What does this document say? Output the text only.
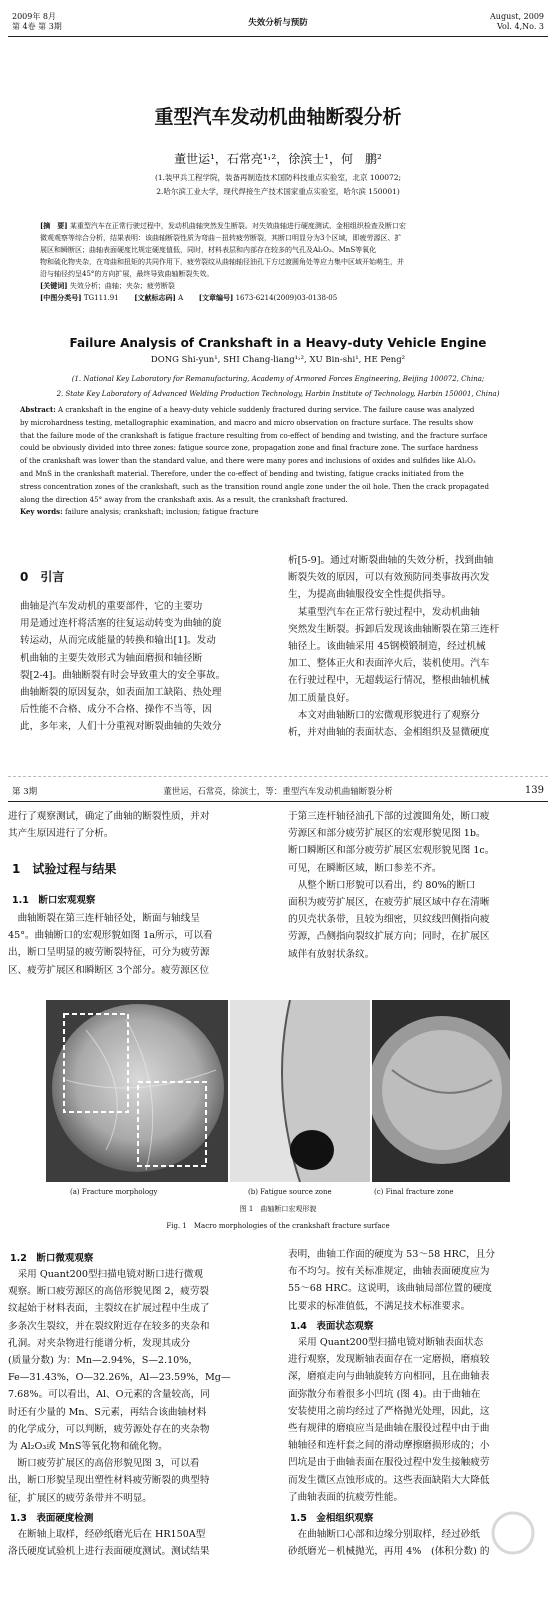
2009年 8月
第 4卷 第 3期	失效分析与预防
August, 2009
Vol. 4,No. 3
重型汽车发动机曲轴断裂分析
董世运¹，石常亮¹˒²，徐滨士¹，何　鹏²
(1.装甲兵工程学院，装备再制造技术国防科技重点实验室，北京 100072;
2.哈尔滨工业大学，现代焊接生产技术国家重点实验室，哈尔滨 150001)
[摘　要] 某重型汽车在正常行驶过程中，发动机曲轴突然发生断裂。对失效曲轴进行硬度测试、金相组织检查及断口宏
微观观察等综合分析，结果表明：该曲轴断裂性质为弯曲－扭转疲劳断裂，其断口明显分为3个区域，即疲劳源区、扩
展区和瞬断区；曲轴表面硬度比规定硬度值低，同时，材料表层和内部存在较多的气孔及Al₂O₃、MnS等氧化
物和硫化物夹杂，在弯曲和扭矩的共同作用下，疲劳裂纹从曲轴轴径油孔下方过渡圆角处等应力集中区域开始萌生，并
沿与轴径约呈45°的方向扩展，最终导致曲轴断裂失效。
[关键词] 失效分析；曲轴；夹杂；疲劳断裂
[中图分类号] TG111.91 [文献标志码] A [文章编号] 1673-6214(2009)03-0138-05
Failure Analysis of Crankshaft in a Heavy-duty Vehicle Engine
DONG Shi-yun¹, SHI Chang-liang¹˒², XU Bin-shi¹, HE Peng²
(1. National Key Laboratory for Remanufacturing, Academy of Armored Forces Engineering, Beijing 100072, China;
2. State Key Laboratory of Advanced Welding Production Technology, Harbin Institute of Technology, Harbin 150001, China)
Abstract: A crankshaft in the engine of a heavy-duty vehicle suddenly fractured during service. The failure cause was analyzed
by microhardness testing, metallographic examination, and macro and micro observation on fracture surface. The results show
that the failure mode of the crankshaft is fatigue fracture resulting from co-effect of bending and twisting, and the fracture surface
could be obviously divided into three zones: fatigue source zone, propagation zone and final fracture zone. The surface hardness
of the crankshaft was lower than the standard value, and there were many pores and inclusions of oxides and sulfides like Al₂O₃
and MnS in the crankshaft material. Therefore, under the co-effect of bending and twisting, fatigue cracks initiated from the
stress concentration zones of the crankshaft, such as the transition round angle zone under the oil hole. Then the crack propagated
along the direction 45° away from the crankshaft axis. As a result, the crankshaft fractured.
Key words: failure analysis; crankshaft; inclusion; fatigue fracture
0　引言
曲轴是汽车发动机的重要部件，它的主要功
用是通过连杆将活塞的往复运动转变为曲轴的旋
转运动，从而完成能量的转换和输出[1]。发动
机曲轴的主要失效形式为轴面磨损和轴径断
裂[2-4]。曲轴断裂有时会导致重大的安全事故。
曲轴断裂的原因复杂，如表面加工缺陷、热处理
后性能不合格、成分不合格、操作不当等，因
此，多年来，人们十分重视对断裂曲轴的失效分
析[5-9]。通过对断裂曲轴的失效分析，找到曲轴
断裂失效的原因，可以有效预防同类事故再次发
生，为提高曲轴服役安全性提供指导。
　某重型汽车在正常行驶过程中，发动机曲轴
突然发生断裂。拆卸后发现该曲轴断裂在第三连杆
轴径上。该曲轴采用 45钢模锻制造，经过机械
加工、整体正火和表面淬火后，装机使用。汽车
在行驶过程中，无超载运行情况，整根曲轴机械
加工质量良好。
　本文对曲轴断口的宏微观形貌进行了观察分
析，并对曲轴的表面状态、金相组织及显微硬度
第 3期	董世运，石常亮，徐滨士，等：重型汽车发动机曲轴断裂分析	139
进行了观察测试，确定了曲轴的断裂性质，并对
其产生原因进行了分析。
1　试验过程与结果
1.1　断口宏观观察
　曲轴断裂在第三连杆轴径处，断面与轴线呈
45°。曲轴断口的宏观形貌如图 1a所示，可以看
出，断口呈明显的疲劳断裂特征，可分为疲劳源
区、疲劳扩展区和瞬断区 3个部分。疲劳源区位
于第三连杆轴径油孔下部的过渡圆角处，断口疲
劳源区和部分疲劳扩展区的宏观形貌见图 1b。
断口瞬断区和部分疲劳扩展区宏观形貌见图 1c。
可见，在瞬断区域，断口参差不齐。
　从整个断口形貌可以看出，约 80%的断口
面积为疲劳扩展区，在疲劳扩展区域中存在清晰
的贝壳状条带，且较为细密，贝纹线凹侧指向疲
劳源，凸侧指向裂纹扩展方向；同时，在扩展区
域伴有放射状条纹。
(a) Fracture morphology	(b) Fatigue source zone	(c) Final fracture zone
图 1　曲轴断口宏观形貌
Fig. 1　Macro morphologies of the crankshaft fracture surface
1.2　断口微观观察
　采用 Quant200型扫描电镜对断口进行微观
观察。断口疲劳源区的高倍形貌见图 2，疲劳裂
纹起始于材料表面，主裂纹在扩展过程中生成了
多条次生裂纹，并在裂纹附近存在较多的夹杂和
孔洞。对夹杂物进行能谱分析，发现其成分
(质量分数) 为：Mn—2.94%，S—2.10%，
Fe—31.43%，O—32.26%，Al—23.59%，Mg—
7.68%。可以看出，Al、O元素的含量较高，同
时还有少量的 Mn、S元素，再结合该曲轴材料
的化学成分，可以判断，疲劳源处存在的夹杂物
为 Al₂O₃或 MnS等氧化物和硫化物。
　断口疲劳扩展区的高倍形貌见图 3，可以看
出，断口形貌呈现出塑性材料疲劳断裂的典型特
征，扩展区的疲劳条带并不明显。
1.3　表面硬度检测
　在断轴上取样，经砂纸磨光后在 HR150A型
洛氏硬度试验机上进行表面硬度测试。测试结果
表明，曲轴工作面的硬度为 53～58 HRC，且分
布不均匀。按有关标准规定，曲轴表面硬度应为
55～68 HRC。这说明，该曲轴局部位置的硬度
比要求的标准值低，不满足技术标准要求。
1.4　表面状态观察
　采用 Quant200型扫描电镜对断轴表面状态
进行观察，发现断轴表面存在一定磨损，磨痕较
深，磨痕走向与曲轴旋转方向相同，且在曲轴表
面弥散分布着很多小凹坑 (图 4)。由于曲轴在
安装使用之前均经过了严格抛光处理，因此，这
些有规律的磨痕应当是曲轴在服役过程中由于曲
轴轴径和连杆套之间的滑动摩擦磨损形成的；小
凹坑是由于曲轴表面在服役过程中发生接触疲劳
而发生微区点蚀形成的。这些表面缺陷大大降低
了曲轴表面的抗疲劳性能。
1.5　金相组织观察
　在曲轴断口心部和边缘分别取样，经过砂纸
砂纸磨光－机械抛光，再用 4%　(体积分数) 的
